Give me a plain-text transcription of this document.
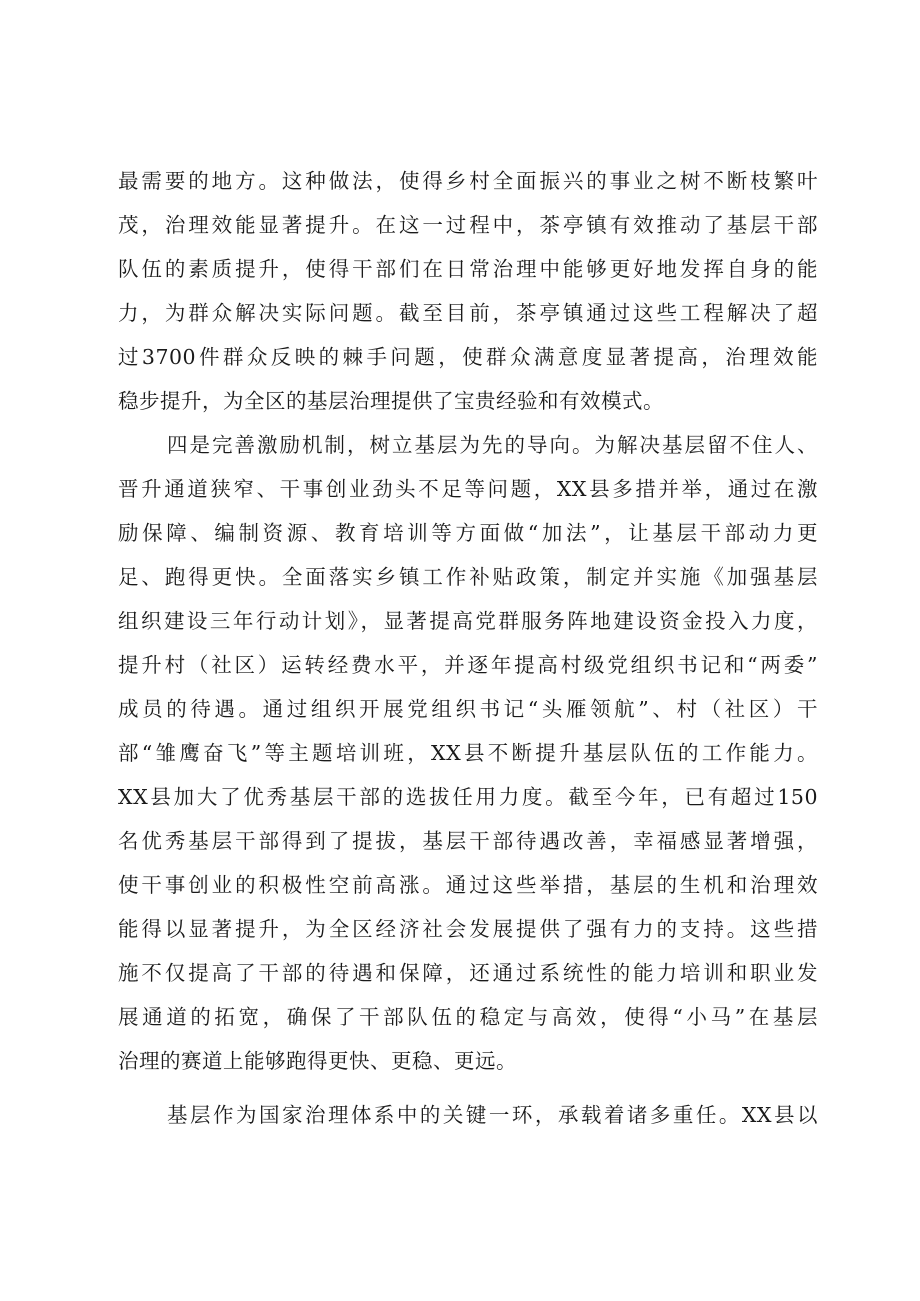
最需要的地方。这种做法，使得乡村全面振兴的事业之树不断枝繁叶
茂，治理效能显著提升。在这一过程中，茶亭镇有效推动了基层干部
队伍的素质提升，使得干部们在日常治理中能够更好地发挥自身的能
力，为群众解决实际问题。截至目前，茶亭镇通过这些工程解决了超
过3700件群众反映的棘手问题，使群众满意度显著提高，治理效能
稳步提升，为全区的基层治理提供了宝贵经验和有效模式。
四是完善激励机制，树立基层为先的导向。为解决基层留不住人、
晋升通道狭窄、干事创业劲头不足等问题，XX县多措并举，通过在激
励保障、编制资源、教育培训等方面做“加法”，让基层干部动力更
足、跑得更快。全面落实乡镇工作补贴政策，制定并实施《加强基层
组织建设三年行动计划》，显著提高党群服务阵地建设资金投入力度，
提升村（社区）运转经费水平，并逐年提高村级党组织书记和“两委”
成员的待遇。通过组织开展党组织书记“头雁领航”、村（社区）干
部“雏鹰奋飞”等主题培训班，XX县不断提升基层队伍的工作能力。
XX县加大了优秀基层干部的选拔任用力度。截至今年，已有超过150
名优秀基层干部得到了提拔，基层干部待遇改善，幸福感显著增强，
使干事创业的积极性空前高涨。通过这些举措，基层的生机和治理效
能得以显著提升，为全区经济社会发展提供了强有力的支持。这些措
施不仅提高了干部的待遇和保障，还通过系统性的能力培训和职业发
展通道的拓宽，确保了干部队伍的稳定与高效，使得“小马”在基层
治理的赛道上能够跑得更快、更稳、更远。
基层作为国家治理体系中的关键一环，承载着诸多重任。XX县以
